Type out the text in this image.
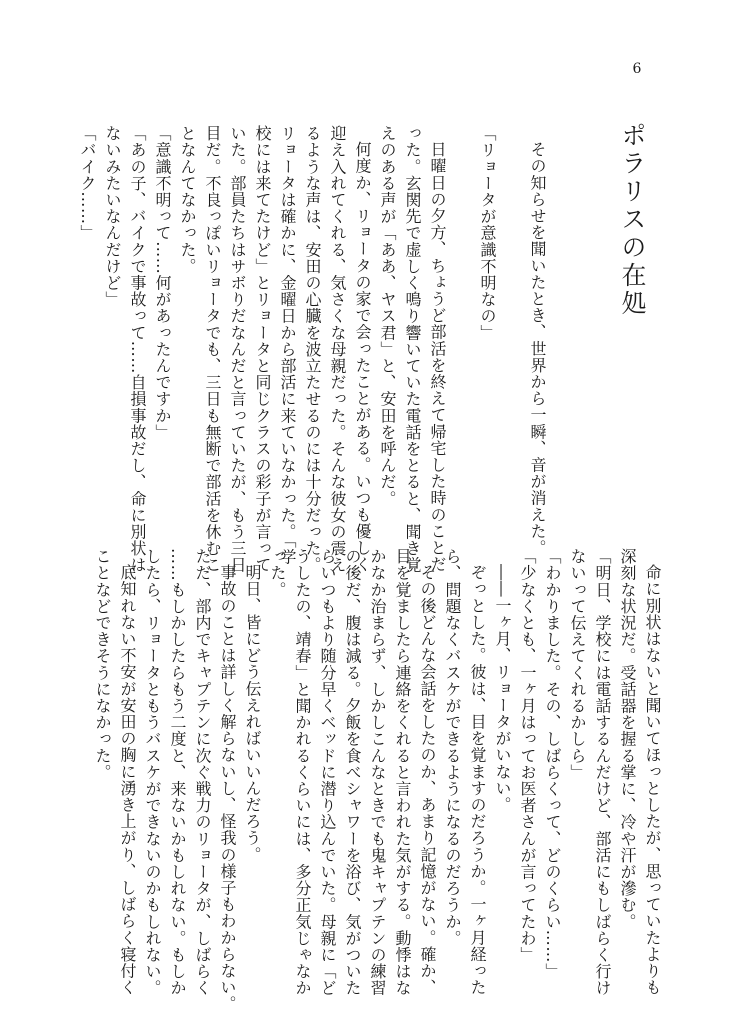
6
ポラリスの在処
その知らせを聞いたとき、世界から一瞬、音が消えた。
「リョータが意識不明なの」
日曜日の夕方、ちょうど部活を終えて帰宅した時のことだ
った。玄関先で虚しく鳴り響いていた電話をとると、聞き覚
えのある声が「ああ、ヤス君」と、安田を呼んだ。
何度か、リョータの家で会ったことがある。いつも優しく
迎え入れてくれる、気さくな母親だった。そんな彼女の震え
るような声は、安田の心臓を波立たせるのには十分だった。
リョータは確かに、金曜日から部活に来ていなかった。「学
校には来てたけど」とリョータと同じクラスの彩子が言って
いた。部員たちはサボりだなんだと言っていたが、もう三日
目だ。不良っぽいリョータでも、三日も無断で部活を休むこ
となんてなかった。
「意識不明って……何があったんですか」
「あの子、バイクで事故って……自損事故だし、命に別状は
ないみたいなんだけど」
「バイク……」
命に別状はないと聞いてほっとしたが、思っていたよりも
深刻な状況だ。受話器を握る掌に、冷や汗が滲む。
「明日、学校には電話するんだけど、部活にもしばらく行け
ないって伝えてくれるかしら」
「わかりました。その、しばらくって、どのくらい……」
「少なくとも、一ヶ月はってお医者さんが言ってたわ」
――一ヶ月、リョータがいない。
ぞっとした。彼は、目を覚ますのだろうか。一ヶ月経った
ら、問題なくバスケができるようになるのだろうか。
その後どんな会話をしたのか、あまり記憶がない。確か、
目を覚ましたら連絡をくれると言われた気がする。動悸はな
かなか治まらず、しかしこんなときでも鬼キャプテンの練習
の後だ、腹は減る。夕飯を食べシャワーを浴び、気がついた
らいつもより随分早くベッドに潜り込んでいた。母親に「ど
うしたの、靖春」と聞かれるくらいには、多分正気じゃなか
った。
明日、皆にどう伝えればいいんだろう。
事故のことは詳しく解らないし、怪我の様子もわからない。
ただ、部内でキャプテンに次ぐ戦力のリョータが、しばらく
……もしかしたらもう二度と、来ないかもしれない。もしか
したら、リョータともうバスケができないのかもしれない。
底知れない不安が安田の胸に湧き上がり、しばらく寝付く
ことなどできそうになかった。
